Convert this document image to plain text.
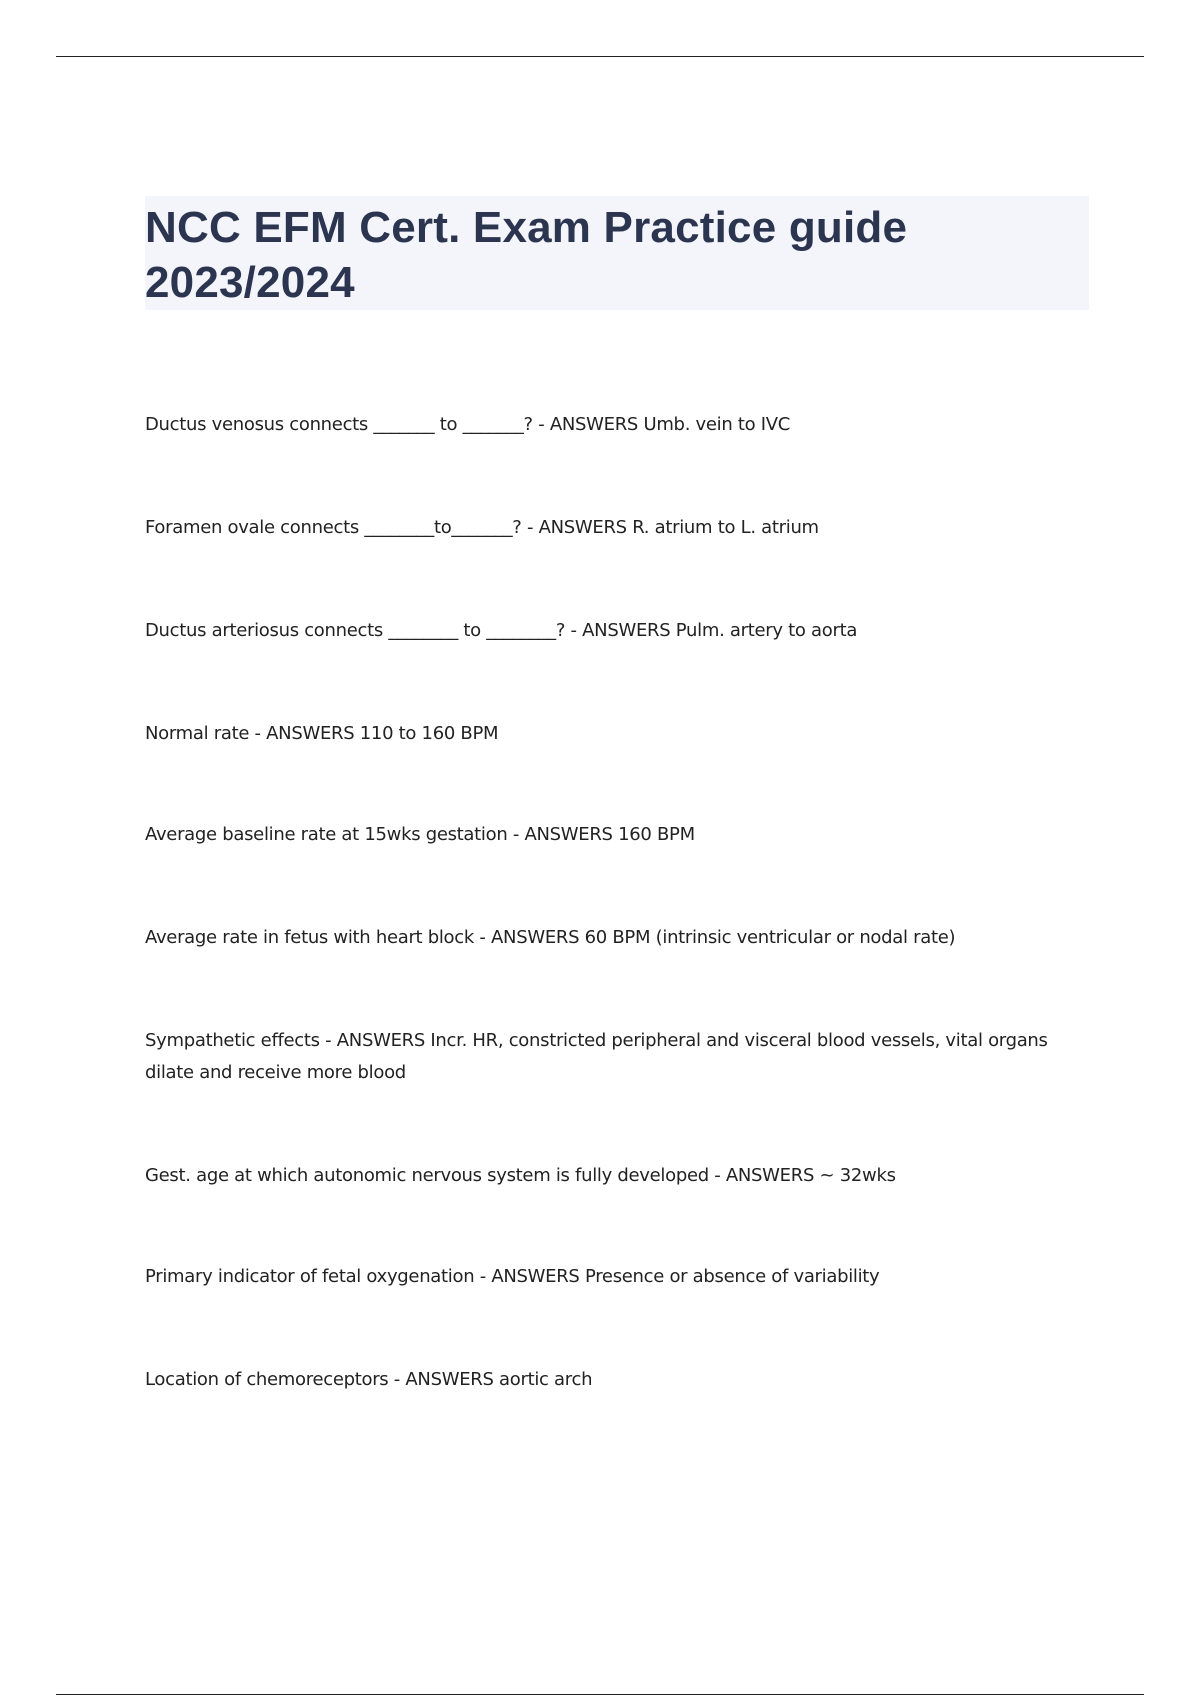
NCC EFM Cert. Exam Practice guide 2023/2024

Ductus venosus connects _______ to _______? - ANSWERS Umb. vein to IVC

Foramen ovale connects ________to_______? - ANSWERS R. atrium to L. atrium

Ductus arteriosus connects ________ to ________? - ANSWERS Pulm. artery to aorta

Normal rate - ANSWERS 110 to 160 BPM

Average baseline rate at 15wks gestation - ANSWERS 160 BPM

Average rate in fetus with heart block - ANSWERS 60 BPM (intrinsic ventricular or nodal rate)

Sympathetic effects - ANSWERS Incr. HR, constricted peripheral and visceral blood vessels, vital organs dilate and receive more blood

Gest. age at which autonomic nervous system is fully developed - ANSWERS ~ 32wks

Primary indicator of fetal oxygenation - ANSWERS Presence or absence of variability

Location of chemoreceptors - ANSWERS aortic arch
